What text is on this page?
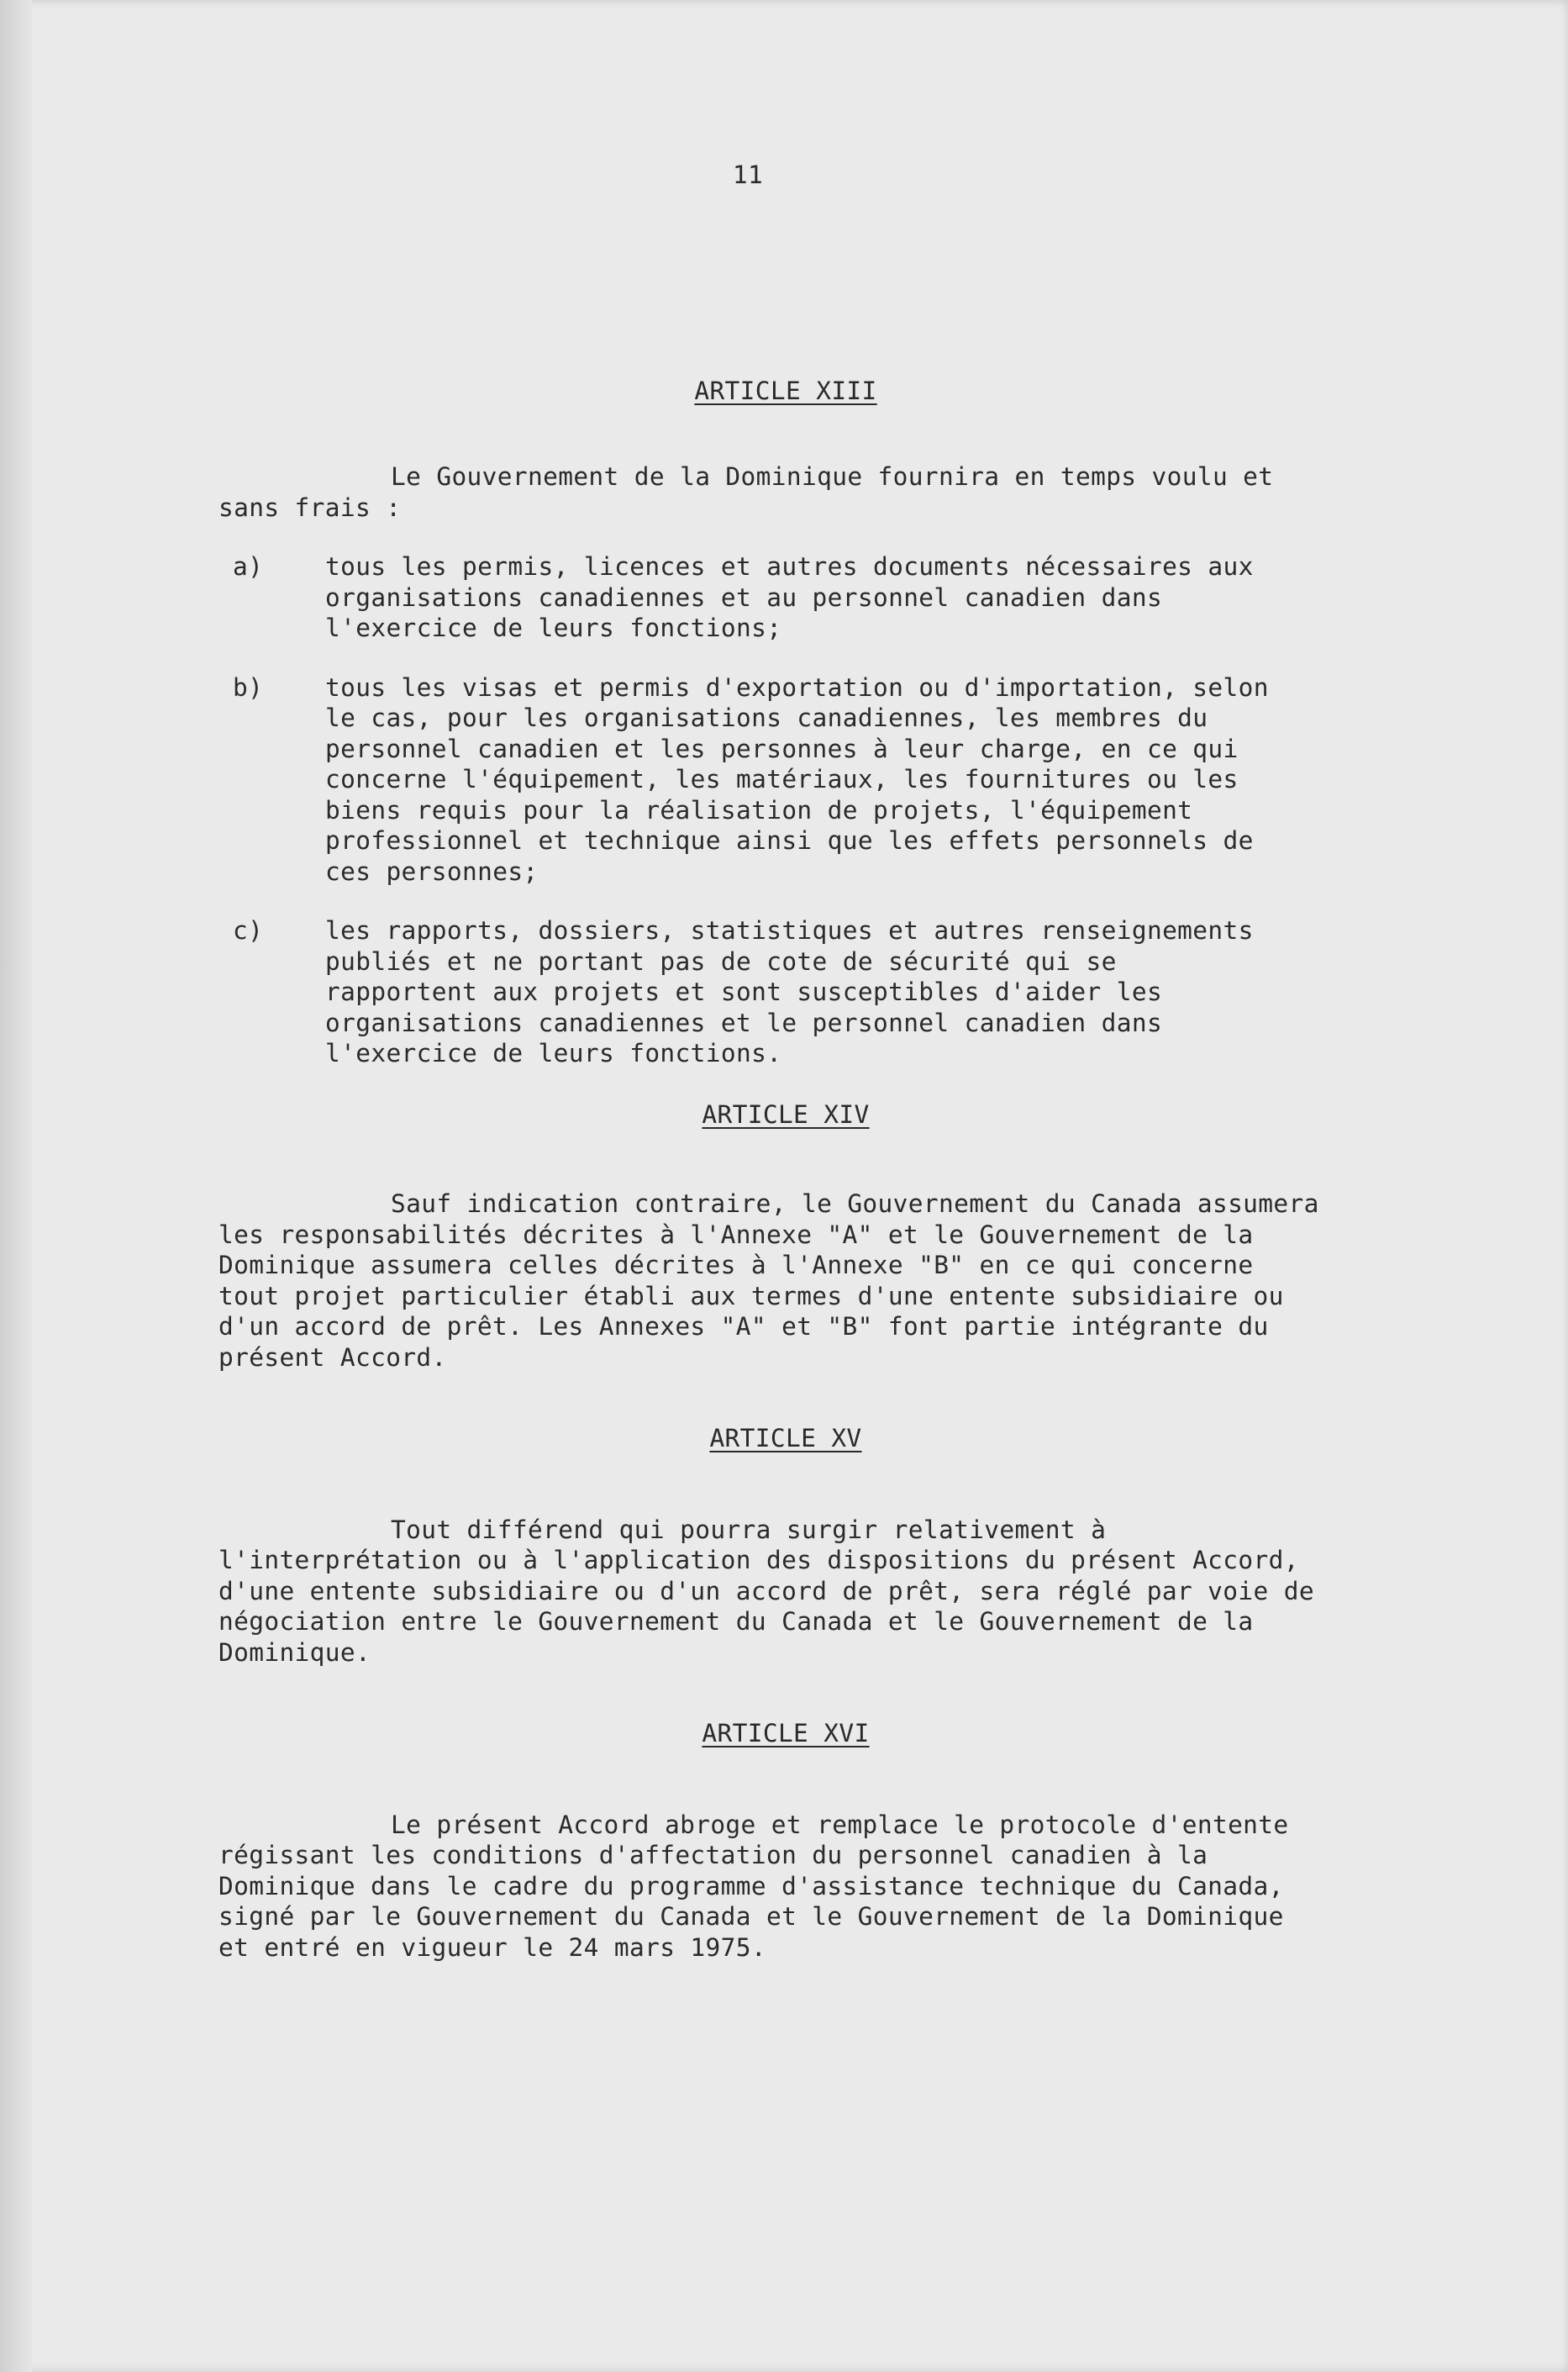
11
ARTICLE XIII

Le Gouvernement de la Dominique fournira en temps voulu et sans frais :

a)	tous les permis, licences et autres documents nécessaires aux organisations canadiennes et au personnel canadien dans l'exercice de leurs fonctions;
b)	tous les visas et permis d'exportation ou d'importation, selon le cas, pour les organisations canadiennes, les membres du personnel canadien et les personnes à leur charge, en ce qui concerne l'équipement, les matériaux, les fournitures ou les biens requis pour la réalisation de projets, l'équipement professionnel et technique ainsi que les effets personnels de ces personnes;
c)	les rapports, dossiers, statistiques et autres renseignements publiés et ne portant pas de cote de sécurité qui se rapportent aux projets et sont susceptibles d'aider les organisations canadiennes et le personnel canadien dans l'exercice de leurs fonctions.
ARTICLE XIV

Sauf indication contraire, le Gouvernement du Canada assumera les responsabilités décrites à l'Annexe "A" et le Gouvernement de la Dominique assumera celles décrites à l'Annexe "B" en ce qui concerne tout projet particulier établi aux termes d'une entente subsidiaire ou d'un accord de prêt. Les Annexes "A" et "B" font partie intégrante du présent Accord.

ARTICLE XV

Tout différend qui pourra surgir relativement à l'interprétation ou à l'application des dispositions du présent Accord, d'une entente subsidiaire ou d'un accord de prêt, sera réglé par voie de négociation entre le Gouvernement du Canada et le Gouvernement de la Dominique.

ARTICLE XVI

Le présent Accord abroge et remplace le protocole d'entente régissant les conditions d'affectation du personnel canadien à la Dominique dans le cadre du programme d'assistance technique du Canada, signé par le Gouvernement du Canada et le Gouvernement de la Dominique et entré en vigueur le 24 mars 1975.
